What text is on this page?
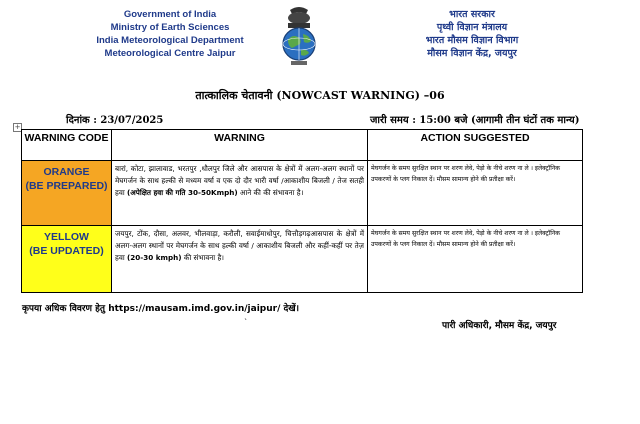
Government of India
Ministry of Earth Sciences
India Meteorological Department
Meteorological Centre Jaipur
भारत सरकार
पृथ्वी विज्ञान मंत्रालय
भारत मौसम विज्ञान विभाग
मौसम विज्ञान केंद्र, जयपुर
तात्कालिक चेतावनी (NOWCAST WARNING) –06
दिनांक : 23/07/2025	जारी समय : 15:00 बजे (आगामी तीन घंटों तक मान्य)
+
WARNING CODE	WARNING	ACTION SUGGESTED

ORANGE
(BE PREPARED)	बारां, कोटा, झालावाड, भरतपुर ,धौलपुर जिले और आसपास के क्षेत्रों में अलग-अलग स्थानों पर मेघगर्जन के साथ हल्की से मध्यम वर्षा व एक दो दौर भारी वर्षा /आकाशीय बिजली / तेज सतही हवा (अपेक्षित हवा की गति 30-50Kmph) आने की की संभावना है।	मेघगर्जन के समय सुरक्षित स्थान पर शरण लेवे, पेड़ो के नीचे शरण ना ले । इलेक्ट्रॉनिक उपकरणों के प्लग निकाल दें। मौसम सामान्य होने की प्रतीक्षा करें।

YELLOW
(BE UPDATED)	जयपुर, टोंक, दौसा, अलवर, भीलवाड़ा, करौली, सवाईमाधोपुर, चित्तौड़गढ़आसपास के क्षेत्रों में अलग-अलग स्थानों पर मेघगर्जन के साथ हल्की वर्षा / आकाशीय बिजली और कहीं-कहीं पर तेज़ हवा (20-30 kmph) की संभावना है।	मेघगर्जन के समय सुरक्षित स्थान पर शरण लेवे, पेड़ो के नीचे शरण ना ले । इलेक्ट्रॉनिक उपकरणों के प्लग निकाल दें। मौसम सामान्य होने की प्रतीक्षा करें।
कृपया अधिक विवरण हेतु https://mausam.imd.gov.in/jaipur/ देखें।
`	पारी अधिकारी, मौसम केंद्र, जयपुर
